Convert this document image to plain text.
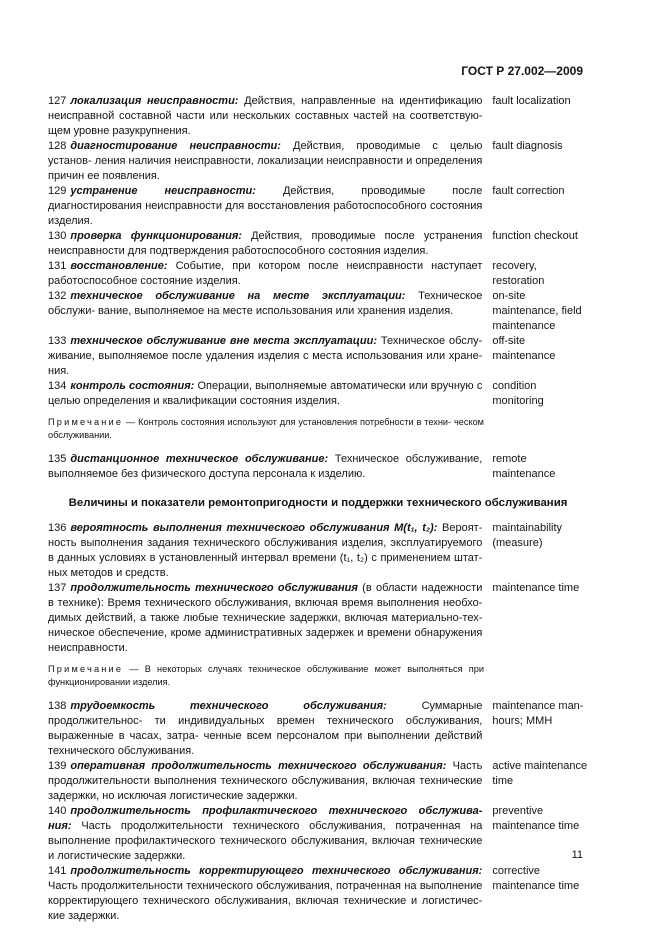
ГОСТ Р 27.002—2009
127 локализация неисправности: Действия, направленные на идентификацию неисправной составной части или нескольких составных частей на соответствую- щем уровне разукрупнения.
fault localization
128 диагностирование неисправности: Действия, проводимые с целью установ- ления наличия неисправности, локализации неисправности и определения причин ее появления.
fault diagnosis
129 устранение неисправности: Действия, проводимые после диагностирования неисправности для восстановления работоспособного состояния изделия.
fault correction
130 проверка функционирования: Действия, проводимые после устранения неисправности для подтверждения работоспособного состояния изделия.
function checkout
131 восстановление: Событие, при котором после неисправности наступает работоспособное состояние изделия.
recovery, restoration
132 техническое обслуживание на месте эксплуатации: Техническое обслужи- вание, выполняемое на месте использования или хранения изделия.
on-site maintenance, field maintenance
133 техническое обслуживание вне места эксплуатации: Техническое обслу- живание, выполняемое после удаления изделия с места использования или хране- ния.
off-site maintenance
134 контроль состояния: Операции, выполняемые автоматически или вручную с целью определения и квалификации состояния изделия.
condition monitoring
Примечание — Контроль состояния используют для установления потребности в техни- ческом обслуживании.
135 дистанционное техническое обслуживание: Техническое обслуживание, выполняемое без физического доступа персонала к изделию.
remote maintenance
Величины и показатели ремонтопригодности и поддержки технического обслуживания
136 вероятность выполнения технического обслуживания M(t₁, t₂): Вероят- ность выполнения задания технического обслуживания изделия, эксплуатируемого в данных условиях в установленный интервал времени (t₁, t₂) с применением штат- ных методов и средств.
maintainability (measure)
137 продолжительность технического обслуживания (в области надежности в технике): Время технического обслуживания, включая время выполнения необхо- димых действий, а также любые технические задержки, включая материально-тех- ническое обеспечение, кроме административных задержек и времени обнаружения неисправности.
maintenance time
Примечание — В некоторых случаях техническое обслуживание может выполняться при функционировании изделия.
138 трудоемкость технического обслуживания: Суммарные продолжительнос- ти индивидуальных времен технического обслуживания, выраженные в часах, затра- ченные всем персоналом при выполнении действий технического обслуживания.
maintenance man-hours; MMH
139 оперативная продолжительность технического обслуживания: Часть продолжительности выполнения технического обслуживания, включая технические задержки, но исключая логистические задержки.
active maintenance time
140 продолжительность профилактического технического обслужива- ния: Часть продолжительности технического обслуживания, потраченная на выполнение профилактического технического обслуживания, включая технические и логистические задержки.
preventive maintenance time
141 продолжительность корректирующего технического обслуживания: Часть продолжительности технического обслуживания, потраченная на выполнение корректирующего технического обслуживания, включая технические и логистичес- кие задержки.
corrective maintenance time
11
